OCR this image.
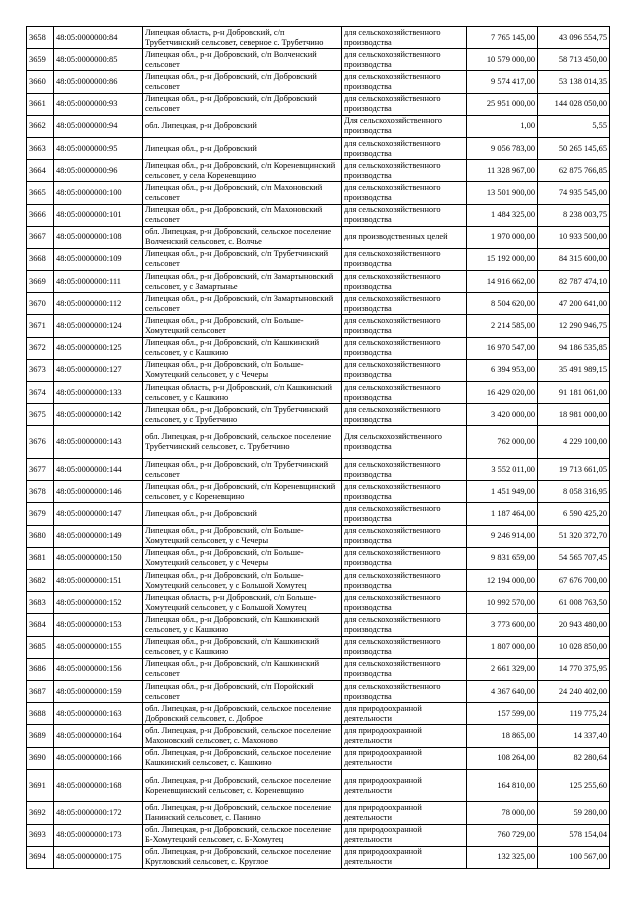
3658	48:05:0000000:84	Липецкая область, р-н Добровский, с/п Трубетчинский сельсовет, северное с. Трубетчино	для сельскохозяйственного производства	7 765 145,00	43 096 554,75
3659	48:05:0000000:85	Липецкая обл., р-н Добровский, с/п Волченский сельсовет	для сельскохозяйственного производства	10 579 000,00	58 713 450,00
3660	48:05:0000000:86	Липецкая обл., р-н Добровский, с/п Добровский сельсовет	для сельскохозяйственного производства	9 574 417,00	53 138 014,35
3661	48:05:0000000:93	Липецкая обл., р-н Добровский, с/п Добровский сельсовет	для сельскохозяйственного производства	25 951 000,00	144 028 050,00
3662	48:05:0000000:94	обл. Липецкая, р-н Добровский	Для сельскохозяйственного производства	1,00	5,55
3663	48:05:0000000:95	Липецкая обл., р-н Добровский	для сельскохозяйственного производства	9 056 783,00	50 265 145,65
3664	48:05:0000000:96	Липецкая обл., р-н Добровский, с/п Кореневщинский сельсовет, у села Кореневщино	для сельскохозяйственного производства	11 328 967,00	62 875 766,85
3665	48:05:0000000:100	Липецкая обл., р-н Добровский, с/п Махоновский сельсовет	для сельскохозяйственного производства	13 501 900,00	74 935 545,00
3666	48:05:0000000:101	Липецкая обл., р-н Добровский, с/п Махоновский сельсовет	для сельскохозяйственного производства	1 484 325,00	8 238 003,75
3667	48:05:0000000:108	обл. Липецкая, р-н Добровский, сельское поселение Волченский сельсовет, с. Волчье	для производственных целей	1 970 000,00	10 933 500,00
3668	48:05:0000000:109	Липецкая обл., р-н Добровский, с/п Трубетчинский сельсовет	для сельскохозяйственного производства	15 192 000,00	84 315 600,00
3669	48:05:0000000:111	Липецкая обл., р-н Добровский, с/п Замартыновский сельсовет, у с Замартынье	для сельскохозяйственного производства	14 916 662,00	82 787 474,10
3670	48:05:0000000:112	Липецкая обл., р-н Добровский, с/п Замартыновский сельсовет	для сельскохозяйственного производства	8 504 620,00	47 200 641,00
3671	48:05:0000000:124	Липецкая обл., р-н Добровский, с/п Больше-Хомутецкий сельсовет	для сельскохозяйственного производства	2 214 585,00	12 290 946,75
3672	48:05:0000000:125	Липецкая обл., р-н Добровский, с/п Кашкинский сельсовет, у с Кашкино	для сельскохозяйственного производства	16 970 547,00	94 186 535,85
3673	48:05:0000000:127	Липецкая обл., р-н Добровский, с/п Больше-Хомутецкий сельсовет, у с Чечеры	для сельскохозяйственного производства	6 394 953,00	35 491 989,15
3674	48:05:0000000:133	Липецкая область, р-н Добровский, с/п Кашкинский сельсовет, у с Кашкино	для сельскохозяйственного производства	16 429 020,00	91 181 061,00
3675	48:05:0000000:142	Липецкая обл., р-н Добровский, с/п Трубетчинский сельсовет, у с Трубетчино	для сельскохозяйственного производства	3 420 000,00	18 981 000,00
3676	48:05:0000000:143	обл. Липецкая, р-н Добровский, сельское поселение Трубетчинский сельсовет, с. Трубетчино	Для сельскохозяйственного производства	762 000,00	4 229 100,00
3677	48:05:0000000:144	Липецкая обл., р-н Добровский, с/п Трубетчинский сельсовет	для сельскохозяйственного производства	3 552 011,00	19 713 661,05
3678	48:05:0000000:146	Липецкая обл., р-н Добровский, с/п Кореневщинский сельсовет, у с Кореневщино	для сельскохозяйственного производства	1 451 949,00	8 058 316,95
3679	48:05:0000000:147	Липецкая обл., р-н Добровский	для сельскохозяйственного производства	1 187 464,00	6 590 425,20
3680	48:05:0000000:149	Липецкая обл., р-н Добровский, с/п Больше-Хомутецкий сельсовет, у с Чечеры	для сельскохозяйственного производства	9 246 914,00	51 320 372,70
3681	48:05:0000000:150	Липецкая обл., р-н Добровский, с/п Больше-Хомутецкий сельсовет, у с Чечеры	для сельскохозяйственного производства	9 831 659,00	54 565 707,45
3682	48:05:0000000:151	Липецкая обл., р-н Добровский, с/п Больше-Хомутецкий сельсовет, у с Большой Хомутец	для сельскохозяйственного производства	12 194 000,00	67 676 700,00
3683	48:05:0000000:152	Липецкая область, р-н Добровский, с/п Больше-Хомутецкий сельсовет, у с Большой Хомутец	для сельскохозяйственного производства	10 992 570,00	61 008 763,50
3684	48:05:0000000:153	Липецкая обл., р-н Добровский, с/п Кашкинский сельсовет, у с Кашкино	для сельскохозяйственного производства	3 773 600,00	20 943 480,00
3685	48:05:0000000:155	Липецкая обл., р-н Добровский, с/п Кашкинский сельсовет, у с Кашкино	для сельскохозяйственного производства	1 807 000,00	10 028 850,00
3686	48:05:0000000:156	Липецкая обл., р-н Добровский, с/п Кашкинский сельсовет	для сельскохозяйственного производства	2 661 329,00	14 770 375,95
3687	48:05:0000000:159	Липецкая обл., р-н Добровский, с/п Поройский сельсовет	для сельскохозяйственного производства	4 367 640,00	24 240 402,00
3688	48:05:0000000:163	обл. Липецкая, р-н Добровский, сельское поселение Добровский сельсовет, с. Доброе	для природоохранной деятельности	157 599,00	119 775,24
3689	48:05:0000000:164	обл. Липецкая, р-н Добровский, сельское поселение Махоновский сельсовет, с. Махоново	для природоохранной деятельности	18 865,00	14 337,40
3690	48:05:0000000:166	обл. Липецкая, р-н Добровский, сельское поселение Кашкинский сельсовет, с. Кашкино	для природоохранной деятельности	108 264,00	82 280,64
3691	48:05:0000000:168	обл. Липецкая, р-н Добровский, сельское поселение Кореневщинский сельсовет, с. Кореневщино	для природоохранной деятельности	164 810,00	125 255,60
3692	48:05:0000000:172	обл. Липецкая, р-н Добровский, сельское поселение Панинский сельсовет, с. Панино	для природоохранной деятельности	78 000,00	59 280,00
3693	48:05:0000000:173	обл. Липецкая, р-н Добровский, сельское поселение Б-Хомутецкий сельсовет, с. Б-Хомутец	для природоохранной деятельности	760 729,00	578 154,04
3694	48:05:0000000:175	обл. Липецкая, р-н Добровский, сельское поселение Кругловский сельсовет, с. Круглое	для природоохранной деятельности	132 325,00	100 567,00
